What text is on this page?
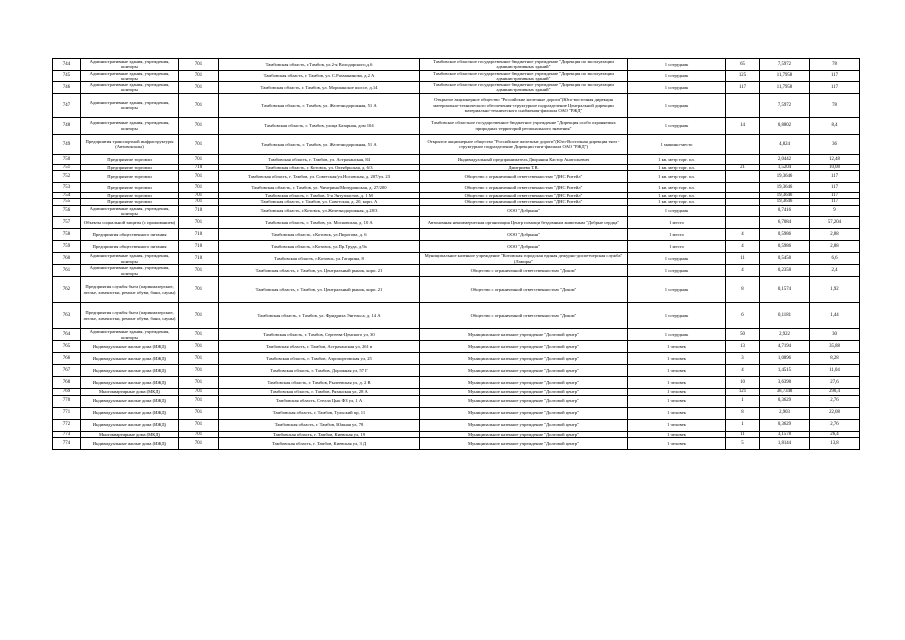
744	Административные здания, учреждения, конторы	701	Тамбовская область, г.Тамбов, ул.2-я Володарского,д.6	Тамбовское областное государственное бюджетное учреждение "Дирекция по эксплуатации административных зданий"	1 сотрудник	65	7,5972	78
745	Административные здания, учреждения, конторы	701	Тамбовская область, г. Тамбов, ул. С.Рахманинова, д.2 А	Тамбовское областное государственное бюджетное учреждение "Дирекция по эксплуатации административных зданий"	1 сотрудник	125	11,7958	117
746	Административные здания, учреждения, конторы	701	Тамбовская область, г. Тамбов, ул. Моршанское шоссе, д.14	Тамбовское областное государственное бюджетное учреждение "Дирекция по эксплуатации административных зданий"	1 сотрудник	117	11,7958	117
747	Административные здания, учреждения, конторы	701	Тамбовская область, г. Тамбов, ул. Железнодорожная, 51 А	Открытое акционерное общество "Российские железные дороги"(Юго-восточная дирекция материально-технического обеспечения-структурное подразделение Центральной дирекции материально-технического снабжения-филиала ОАО "РЖД"	1 сотрудник		7,5972	78
748	Административные здания, учреждения, конторы	701	Тамбовская область, г. Тамбов, улица Базарная, дом 104	Тамбовское областное государственное бюджетное учреждение "Дирекция особо охраняемых природных территорий регионального значения"	1 сотрудник	14	0,8802	8,4
749	Предприятия транспортной инфраструктуры (Автовокзалы)	701	Тамбовская область, г. Тамбов, ул. Железнодорожная, 51 А	Открытое акционерное общество "Российские железные дороги"(Юго-Восточная дирекция тяги - структурное подразделение Дирекции тяги-филиала ОАО "РЖД")	1 машино-место		4,824	36
750	Предприятие торговли	701	Тамбовская область, г. Тамбов, ул. Астраханская, 84	Индивидуальный предприниматель Дворянин Кастор Анатольевич	1 кв. метр торг. пл.		2,0442	12,48
751	Предприятие торговли	710	Тамбовская область, г. Котовск, ул. Октябрьская, д. 6/3	Дмитриева Т.В.	1 кв. метр торг. пл.	21	1,5204	10,08
752	Предприятие торговли	701	Тамбовская область, г. Тамбов, ул. Советская/ул.Носовская, д. 207/ул. 23	Общество с ограниченной ответственностью "ДНС Ритейл"	1 кв. метр торг. пл.		19,3646	117
753	Предприятие торговли	701	Тамбовская область, г. Тамбов, ул. Чичерина/Мичуринская, д. 27/200	Общество с ограниченной ответственностью "ДНС Ритейл"	1 кв. метр торг. пл.		19,3646	117
754	Предприятие торговли	701	Тамбовская область, г. Тамбов, 5-я Энтузиастов, д. 1 М	Общество с ограниченной ответственностью "ДНС Ритейл"	1 кв. метр торг. пл.		19,3646	117
755	Предприятие торговли	701	Тамбовская область, г. Тамбов, ул. Советская, д. 20, корп. А	Общество с ограниченной ответственностью "ДНС Ритейл"	1 кв. метр торг. пл.		19,3646	117
756	Административные здания, учреждения, конторы	710	Тамбовская область, г.Котовск, ул.Железнодорожная, д.28/3	ООО "Добрыня"	1 сотрудник		0,7416	9
757	Объекты социальной защиты (с проживанием)	701	Тамбовская область, г. Тамбов, ул. Московская, д. 10 А	Автономная некоммерческая организация Центр помощи бездомным животным "Добрые сердца"	1 место		6,7084	57,204
758	Предприятия общественного питания	710	Тамбовская область, г.Котовск, ул.Пирогова, д. 6	ООО "Добрыня"	1 место	4	0,5986	2,88
759	Предприятия общественного питания	710	Тамбовская область, г.Котовск, ул.Пр.Труда, д.9а	ООО "Добрыня"	1 место	4	0,5986	2,88
760	Административные здания, учреждения, конторы	710	Тамбовская область, г.Котовск, ул.Гагарина, 8	Муниципальное казенное учреждение "Котовская городская единая дежурно-диспетчерская служба" (Ламоры"	1 сотрудник	11	0,5458	6,6
761	Административные здания, учреждения, конторы	701	Тамбовская область, г. Тамбов, ул. Центральный рынок, корп. 21	Общество с ограниченной ответственностью "Доком"	1 сотрудник	4	0,2358	2,4
762	Предприятия службы быта (парикмахерские, ателье, химчистки, ремонт обуви, бани, сауны)	701	Тамбовская область, г. Тамбов, ул. Центральный рынок, корп. 21	Общество с ограниченной ответственностью "Доком"	1 сотрудник	8	0,1574	1,92
763	Предприятия службы быта (парикмахерские, ателье, химчистки, ремонт обуви, бани, сауны)	701	Тамбовская область, г. Тамбов, ул. Фридриха Энгельса, д. 14 А	Общество с ограниченной ответственностью "Доком"	1 сотрудник	6	0,1181	1,44
764	Административные здания, учреждения, конторы	701	Тамбовская область, г. Тамбов, Сергеева-Ценского ул, 30	Муниципальное казенное учреждение "Долговой центр"	1 сотрудник	50	2,922	30
765	Индивидуальные жилые дома (ИЖД)	701	Тамбовская область, г. Тамбов, Астраханская ул, 261 в	Муниципальное казенное учреждение "Долговой центр"	1 человек	13	4,7194	35,88
766	Индивидуальные жилые дома (ИЖД)	701	Тамбовская область, г. Тамбов, Аэропортовская ул, 25	Муниципальное казенное учреждение "Долговой центр"	1 человек	3	1,0896	8,28
767	Индивидуальные жилые дома (ИЖД)	701	Тамбовская область, г. Тамбов, Дорожная ул, 57 Г	Муниципальное казенное учреждение "Долговой центр"	1 человек	4	1,4515	11,04
768	Индивидуальные жилые дома (ИЖД)	701	Тамбовская область, г. Тамбов, Рылеевская ул, д. 2 В	Муниципальное казенное учреждение "Долговой центр"	1 человек	10	3,6398	27,6
769	Многоквартирные дома (МКД)	701	Тамбовская область, г. Тамбов, Рязанская ул, 28 А	Муниципальное казенное учреждение "Долговой центр"	1 человек	121	38,7348	290,4
770	Индивидуальные жилые дома (ИЖД)	701	Тамбовская область, Стелла Цык ФЗ ул, 1 А	Муниципальное казенное учреждение "Долговой центр"	1 человек	1	0,3629	2,76
771	Индивидуальные жилые дома (ИЖД)	701	Тамбовская область, г. Тамбов, Тульский пр, 11	Муниципальное казенное учреждение "Долговой центр"	1 человек	8	2,903	22,08
772	Индивидуальные жилые дома (ИЖД)	701	Тамбовская область, г. Тамбов, Южная ул, 78	Муниципальное казенное учреждение "Долговой центр"	1 человек	1	0,3629	2,76
773	Многоквартирные дома (МКД)	701	Тамбовская область, г. Тамбов, Киевская ул, 19	Муниципальное казенное учреждение "Долговой центр"	1 человек	11	3,1578	26,4
774	Индивидуальные жилые дома (ИЖД)	701	Тамбовская область, г. Тамбов, Киевская ул, 3 Д	Муниципальное казенное учреждение "Долговой центр"	1 человек	5	1,8144	13,8
